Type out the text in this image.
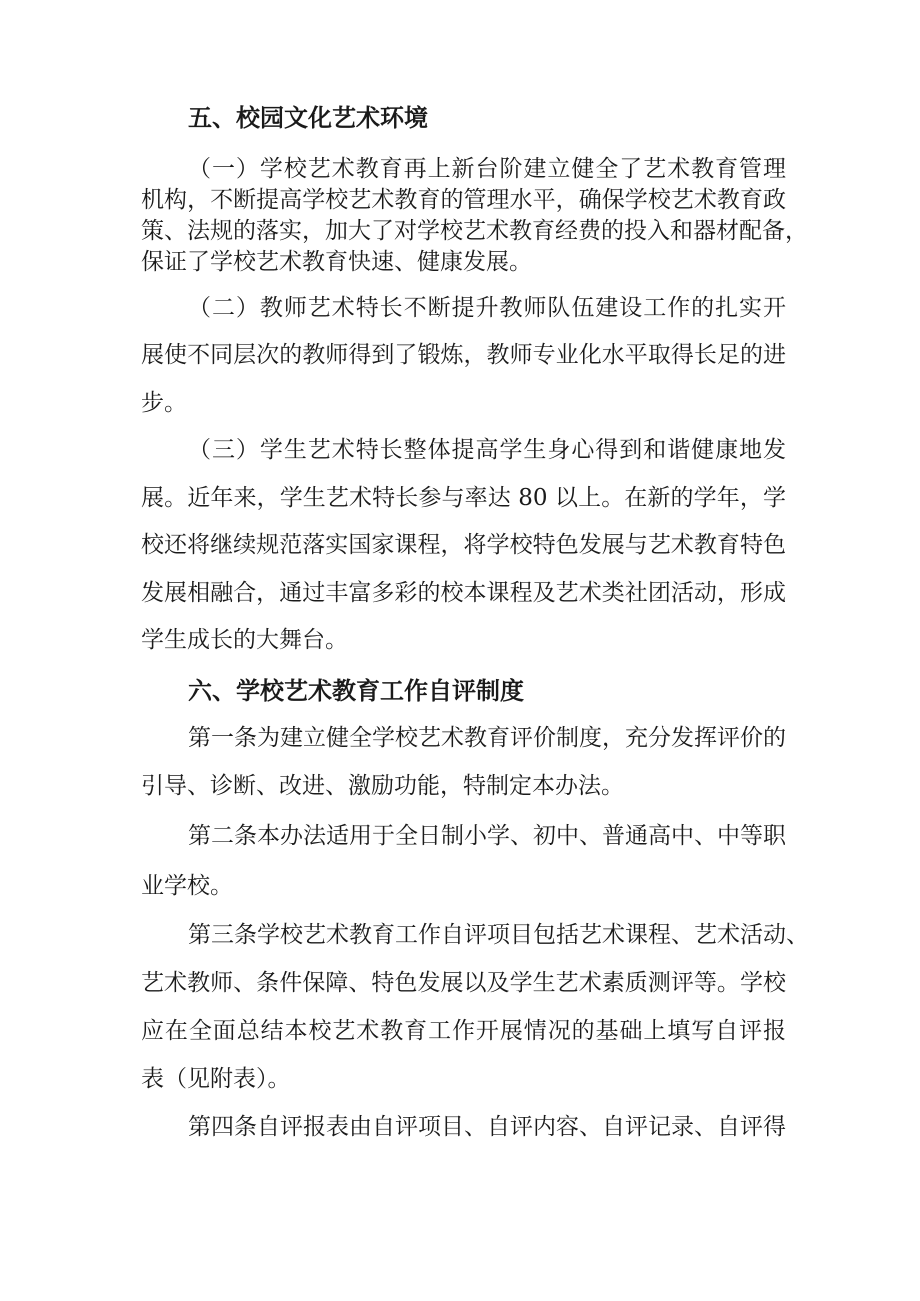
五、校园文化艺术环境
（一）学校艺术教育再上新台阶建立健全了艺术教育管理
机构，不断提高学校艺术教育的管理水平，确保学校艺术教育政
策、法规的落实，加大了对学校艺术教育经费的投入和器材配备，
保证了学校艺术教育快速、健康发展。
（二）教师艺术特长不断提升教师队伍建设工作的扎实开
展使不同层次的教师得到了锻炼，教师专业化水平取得长足的进
步。
（三）学生艺术特长整体提高学生身心得到和谐健康地发
展。近年来，学生艺术特长参与率达 80 以上。在新的学年，学
校还将继续规范落实国家课程，将学校特色发展与艺术教育特色
发展相融合，通过丰富多彩的校本课程及艺术类社团活动，形成
学生成长的大舞台。
六、学校艺术教育工作自评制度
第一条为建立健全学校艺术教育评价制度，充分发挥评价的
引导、诊断、改进、激励功能，特制定本办法。
第二条本办法适用于全日制小学、初中、普通高中、中等职
业学校。
第三条学校艺术教育工作自评项目包括艺术课程、艺术活动、
艺术教师、条件保障、特色发展以及学生艺术素质测评等。学校
应在全面总结本校艺术教育工作开展情况的基础上填写自评报
表（见附表）。
第四条自评报表由自评项目、自评内容、自评记录、自评得
